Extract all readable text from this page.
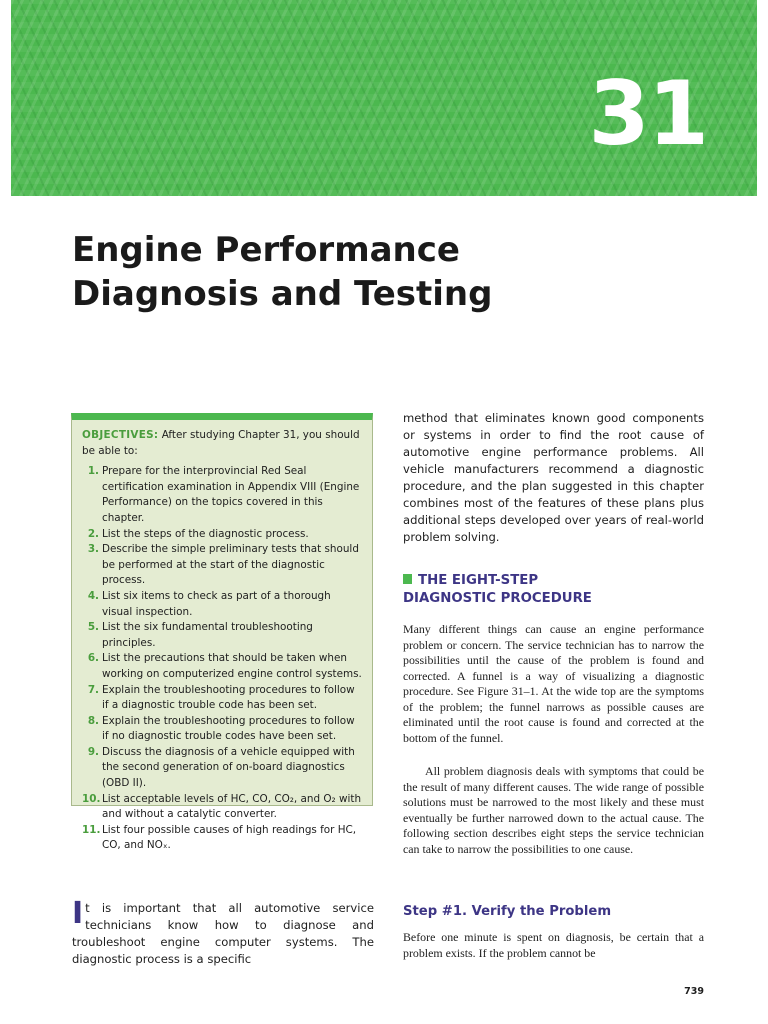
31
Engine Performance
Diagnosis and Testing

OBJECTIVES: After studying Chapter 31, you should be able to:

1. Prepare for the interprovincial Red Seal certification examination in Appendix VIII (Engine Performance) on the topics covered in this chapter.
2. List the steps of the diagnostic process.
3. Describe the simple preliminary tests that should be performed at the start of the diagnostic process.
4. List six items to check as part of a thorough visual inspection.
5. List the six fundamental troubleshooting principles.
6. List the precautions that should be taken when working on computerized engine control systems.
7. Explain the troubleshooting procedures to follow if a diagnostic trouble code has been set.
8. Explain the troubleshooting procedures to follow if no diagnostic trouble codes have been set.
9. Discuss the diagnosis of a vehicle equipped with the second generation of on-board diagnostics (OBD II).
10. List acceptable levels of HC, CO, CO₂, and O₂ with and without a catalytic converter.
11. List four possible causes of high readings for HC, CO, and NOₓ.

It is important that all automotive service technicians know how to diagnose and troubleshoot engine computer systems. The diagnostic process is a specific

method that eliminates known good components or systems in order to find the root cause of automotive engine performance problems. All vehicle manufacturers recommend a diagnostic procedure, and the plan suggested in this chapter combines most of the features of these plans plus additional steps developed over years of real-world problem solving.

THE EIGHT-STEP
DIAGNOSTIC PROCEDURE

Many different things can cause an engine performance problem or concern. The service technician has to narrow the possibilities until the cause of the problem is found and corrected. A funnel is a way of visualizing a diagnostic procedure. See Figure 31–1. At the wide top are the symptoms of the problem; the funnel narrows as possible causes are eliminated until the root cause is found and corrected at the bottom of the funnel.

All problem diagnosis deals with symptoms that could be the result of many different causes. The wide range of possible solutions must be narrowed to the most likely and these must eventually be further narrowed down to the actual cause. The following section describes eight steps the service technician can take to narrow the possibilities to one cause.

Step #1. Verify the Problem

Before one minute is spent on diagnosis, be certain that a problem exists. If the problem cannot be

739
